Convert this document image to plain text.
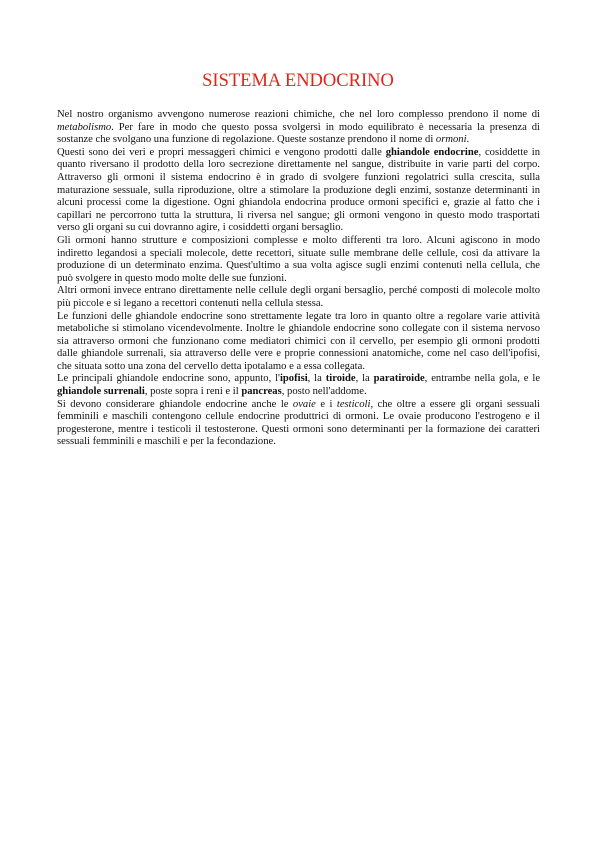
SISTEMA ENDOCRINO

Nel nostro organismo avvengono numerose reazioni chimiche, che nel loro complesso prendono il nome di metabolismo. Per fare in modo che questo possa svolgersi in modo equilibrato è necessaria la presenza di sostanze che svolgano una funzione di regolazione. Queste sostanze prendono il nome di ormoni.

Questi sono dei veri e propri messaggeri chimici e vengono prodotti dalle ghiandole endocrine, cosiddette in quanto riversano il prodotto della loro secrezione direttamente nel sangue, distribuite in varie parti del corpo. Attraverso gli ormoni il sistema endocrino è in grado di svolgere funzioni regolatrici sulla crescita, sulla maturazione sessuale, sulla riproduzione, oltre a stimolare la produzione degli enzimi, sostanze determinanti in alcuni processi come la digestione. Ogni ghiandola endocrina produce ormoni specifici e, grazie al fatto che i capillari ne percorrono tutta la struttura, li riversa nel sangue; gli ormoni vengono in questo modo trasportati verso gli organi su cui dovranno agire, i cosiddetti organi bersaglio.

Gli ormoni hanno strutture e composizioni complesse e molto differenti tra loro. Alcuni agiscono in modo indiretto legandosi a speciali molecole, dette recettori, situate sulle membrane delle cellule, così da attivare la produzione di un determinato enzima. Quest'ultimo a sua volta agisce sugli enzimi contenuti nella cellula, che può svolgere in questo modo molte delle sue funzioni.

Altri ormoni invece entrano direttamente nelle cellule degli organi bersaglio, perché composti di molecole molto più piccole e si legano a recettori contenuti nella cellula stessa.

Le funzioni delle ghiandole endocrine sono strettamente legate tra loro in quanto oltre a regolare varie attività metaboliche si stimolano vicendevolmente. Inoltre le ghiandole endocrine sono collegate con il sistema nervoso sia attraverso ormoni che funzionano come mediatori chimici con il cervello, per esempio gli ormoni prodotti dalle ghiandole surrenali, sia attraverso delle vere e proprie connessioni anatomiche, come nel caso dell'ipofisi, che situata sotto una zona del cervello detta ipotalamo e a essa collegata.

Le principali ghiandole endocrine sono, appunto, l'ipofisi, la tiroide, la paratiroide, entrambe nella gola, e le ghiandole surrenali, poste sopra i reni e il pancreas, posto nell'addome.

Si devono considerare ghiandole endocrine anche le ovaie e i testicoli, che oltre a essere gli organi sessuali femminili e maschili contengono cellule endocrine produttrici di ormoni. Le ovaie producono l'estrogeno e il progesterone, mentre i testicoli il testosterone. Questi ormoni sono determinanti per la formazione dei caratteri sessuali femminili e maschili e per la fecondazione.
